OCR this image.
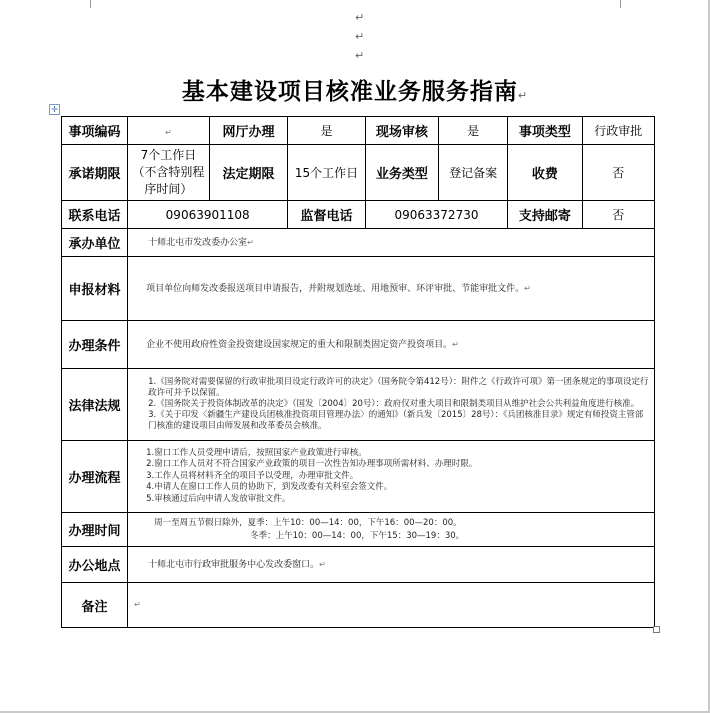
↵
↵
↵
基本建设项目核准业务服务指南↵
✛
事项编码	↵	网厅办理	是	现场审核	是	事项类型	行政审批
承诺期限	7个工作日（不含特别程序时间）	法定期限	15个工作日	业务类型	登记备案	收费	否
联系电话	09063901108		监督电话	09063372730		支持邮寄	否
承办单位	十师北屯市发改委办公室↵						
申报材料	项目单位向师发改委报送项目申请报告，并附规划选址、用地预审、环评审批、节能审批文件。↵						
办理条件	企业不使用政府性资金投资建设国家规定的重大和限制类固定资产投资项目。↵						
法律法规	1.《国务院对需要保留的行政审批项目设定行政许可的决定》（国务院令第412号）：附件之《行政许可项》第一团条规定的事项设定行政许可并予以保留。
2.《国务院关于投资体制改革的决定》（国发〔2004〕20号）：政府仅对重大项目和限制类项目从维护社会公共利益角度进行核准。
3.《关于印发〈新疆生产建设兵团核准投资项目管理办法〉的通知》（新兵发〔2015〕28号）：《兵团核准目录》规定有师投资主管部门核准的建设项目由师发展和改革委员会核准。						

办理流程	1.窗口工作人员受理申请后，按照国家产业政策进行审核。
2.窗口工作人员对不符合国家产业政策的项目一次性告知办理事项所需材料、办理时限。
3.工作人员将材料齐全的项目予以受理，办理审批文件。
4.申请人在窗口工作人员的协助下，到发改委有关科室会签文件。
5.审核通过后向申请人发放审批文件。						

办理时间	周一至周五节假日除外，夏季：上午10：00—14：00，下午16：00—20：00。
冬季：上午10：00—14：00，下午15：30—19：30。						

办公地点	十师北屯市行政审批服务中心发改委窗口。↵						
备注	↵						
